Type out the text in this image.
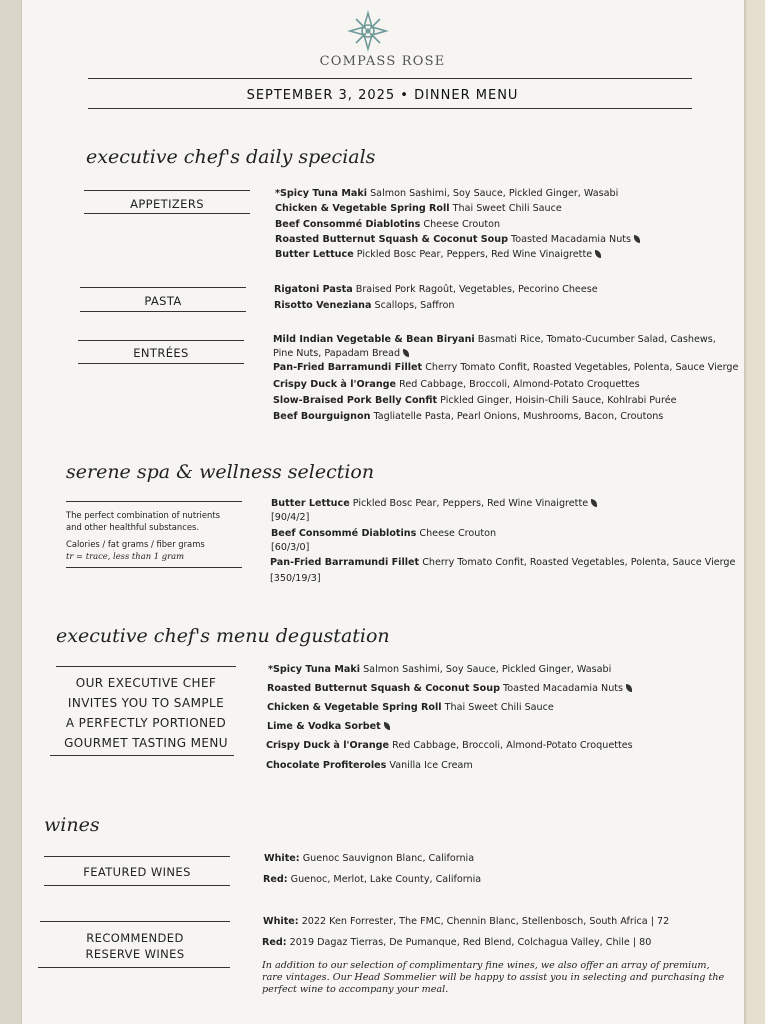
COMPASS ROSE
SEPTEMBER 3, 2025 • DINNER MENU
executive chef's daily specials
APPETIZERS
*Spicy Tuna Maki Salmon Sashimi, Soy Sauce, Pickled Ginger, Wasabi
Chicken & Vegetable Spring Roll Thai Sweet Chili Sauce
Beef Consommé Diablotins Cheese Crouton
Roasted Butternut Squash & Coconut Soup Toasted Macadamia Nuts
Butter Lettuce Pickled Bosc Pear, Peppers, Red Wine Vinaigrette
PASTA
Rigatoni Pasta Braised Pork Ragoût, Vegetables, Pecorino Cheese
Risotto Veneziana Scallops, Saffron
ENTRÉES
Mild Indian Vegetable & Bean Biryani Basmati Rice, Tomato-Cucumber Salad, Cashews,
Pine Nuts, Papadam Bread
Pan-Fried Barramundi Fillet Cherry Tomato Confit, Roasted Vegetables, Polenta, Sauce Vierge
Crispy Duck à l'Orange Red Cabbage, Broccoli, Almond-Potato Croquettes
Slow-Braised Pork Belly Confit Pickled Ginger, Hoisin-Chili Sauce, Kohlrabi Purée
Beef Bourguignon Tagliatelle Pasta, Pearl Onions, Mushrooms, Bacon, Croutons
serene spa & wellness selection
The perfect combination of nutrients
and other healthful substances.
Calories / fat grams / fiber grams
tr = trace, less than 1 gram
Butter Lettuce Pickled Bosc Pear, Peppers, Red Wine Vinaigrette
[90/4/2]
Beef Consommé Diablotins Cheese Crouton
[60/3/0]
Pan-Fried Barramundi Fillet Cherry Tomato Confit, Roasted Vegetables, Polenta, Sauce Vierge
[350/19/3]
executive chef's menu degustation
OUR EXECUTIVE CHEF
INVITES YOU TO SAMPLE
A PERFECTLY PORTIONED
GOURMET TASTING MENU
*Spicy Tuna Maki Salmon Sashimi, Soy Sauce, Pickled Ginger, Wasabi
Roasted Butternut Squash & Coconut Soup Toasted Macadamia Nuts
Chicken & Vegetable Spring Roll Thai Sweet Chili Sauce
Lime & Vodka Sorbet
Crispy Duck à l'Orange Red Cabbage, Broccoli, Almond-Potato Croquettes
Chocolate Profiteroles Vanilla Ice Cream
wines
FEATURED WINES
White: Guenoc Sauvignon Blanc, California
Red: Guenoc, Merlot, Lake County, California
RECOMMENDED
RESERVE WINES
White: 2022 Ken Forrester, The FMC, Chennin Blanc, Stellenbosch, South Africa | 72
Red: 2019 Dagaz Tierras, De Pumanque, Red Blend, Colchagua Valley, Chile | 80
In addition to our selection of complimentary fine wines, we also offer an array of premium,
rare vintages. Our Head Sommelier will be happy to assist you in selecting and purchasing the
perfect wine to accompany your meal.
